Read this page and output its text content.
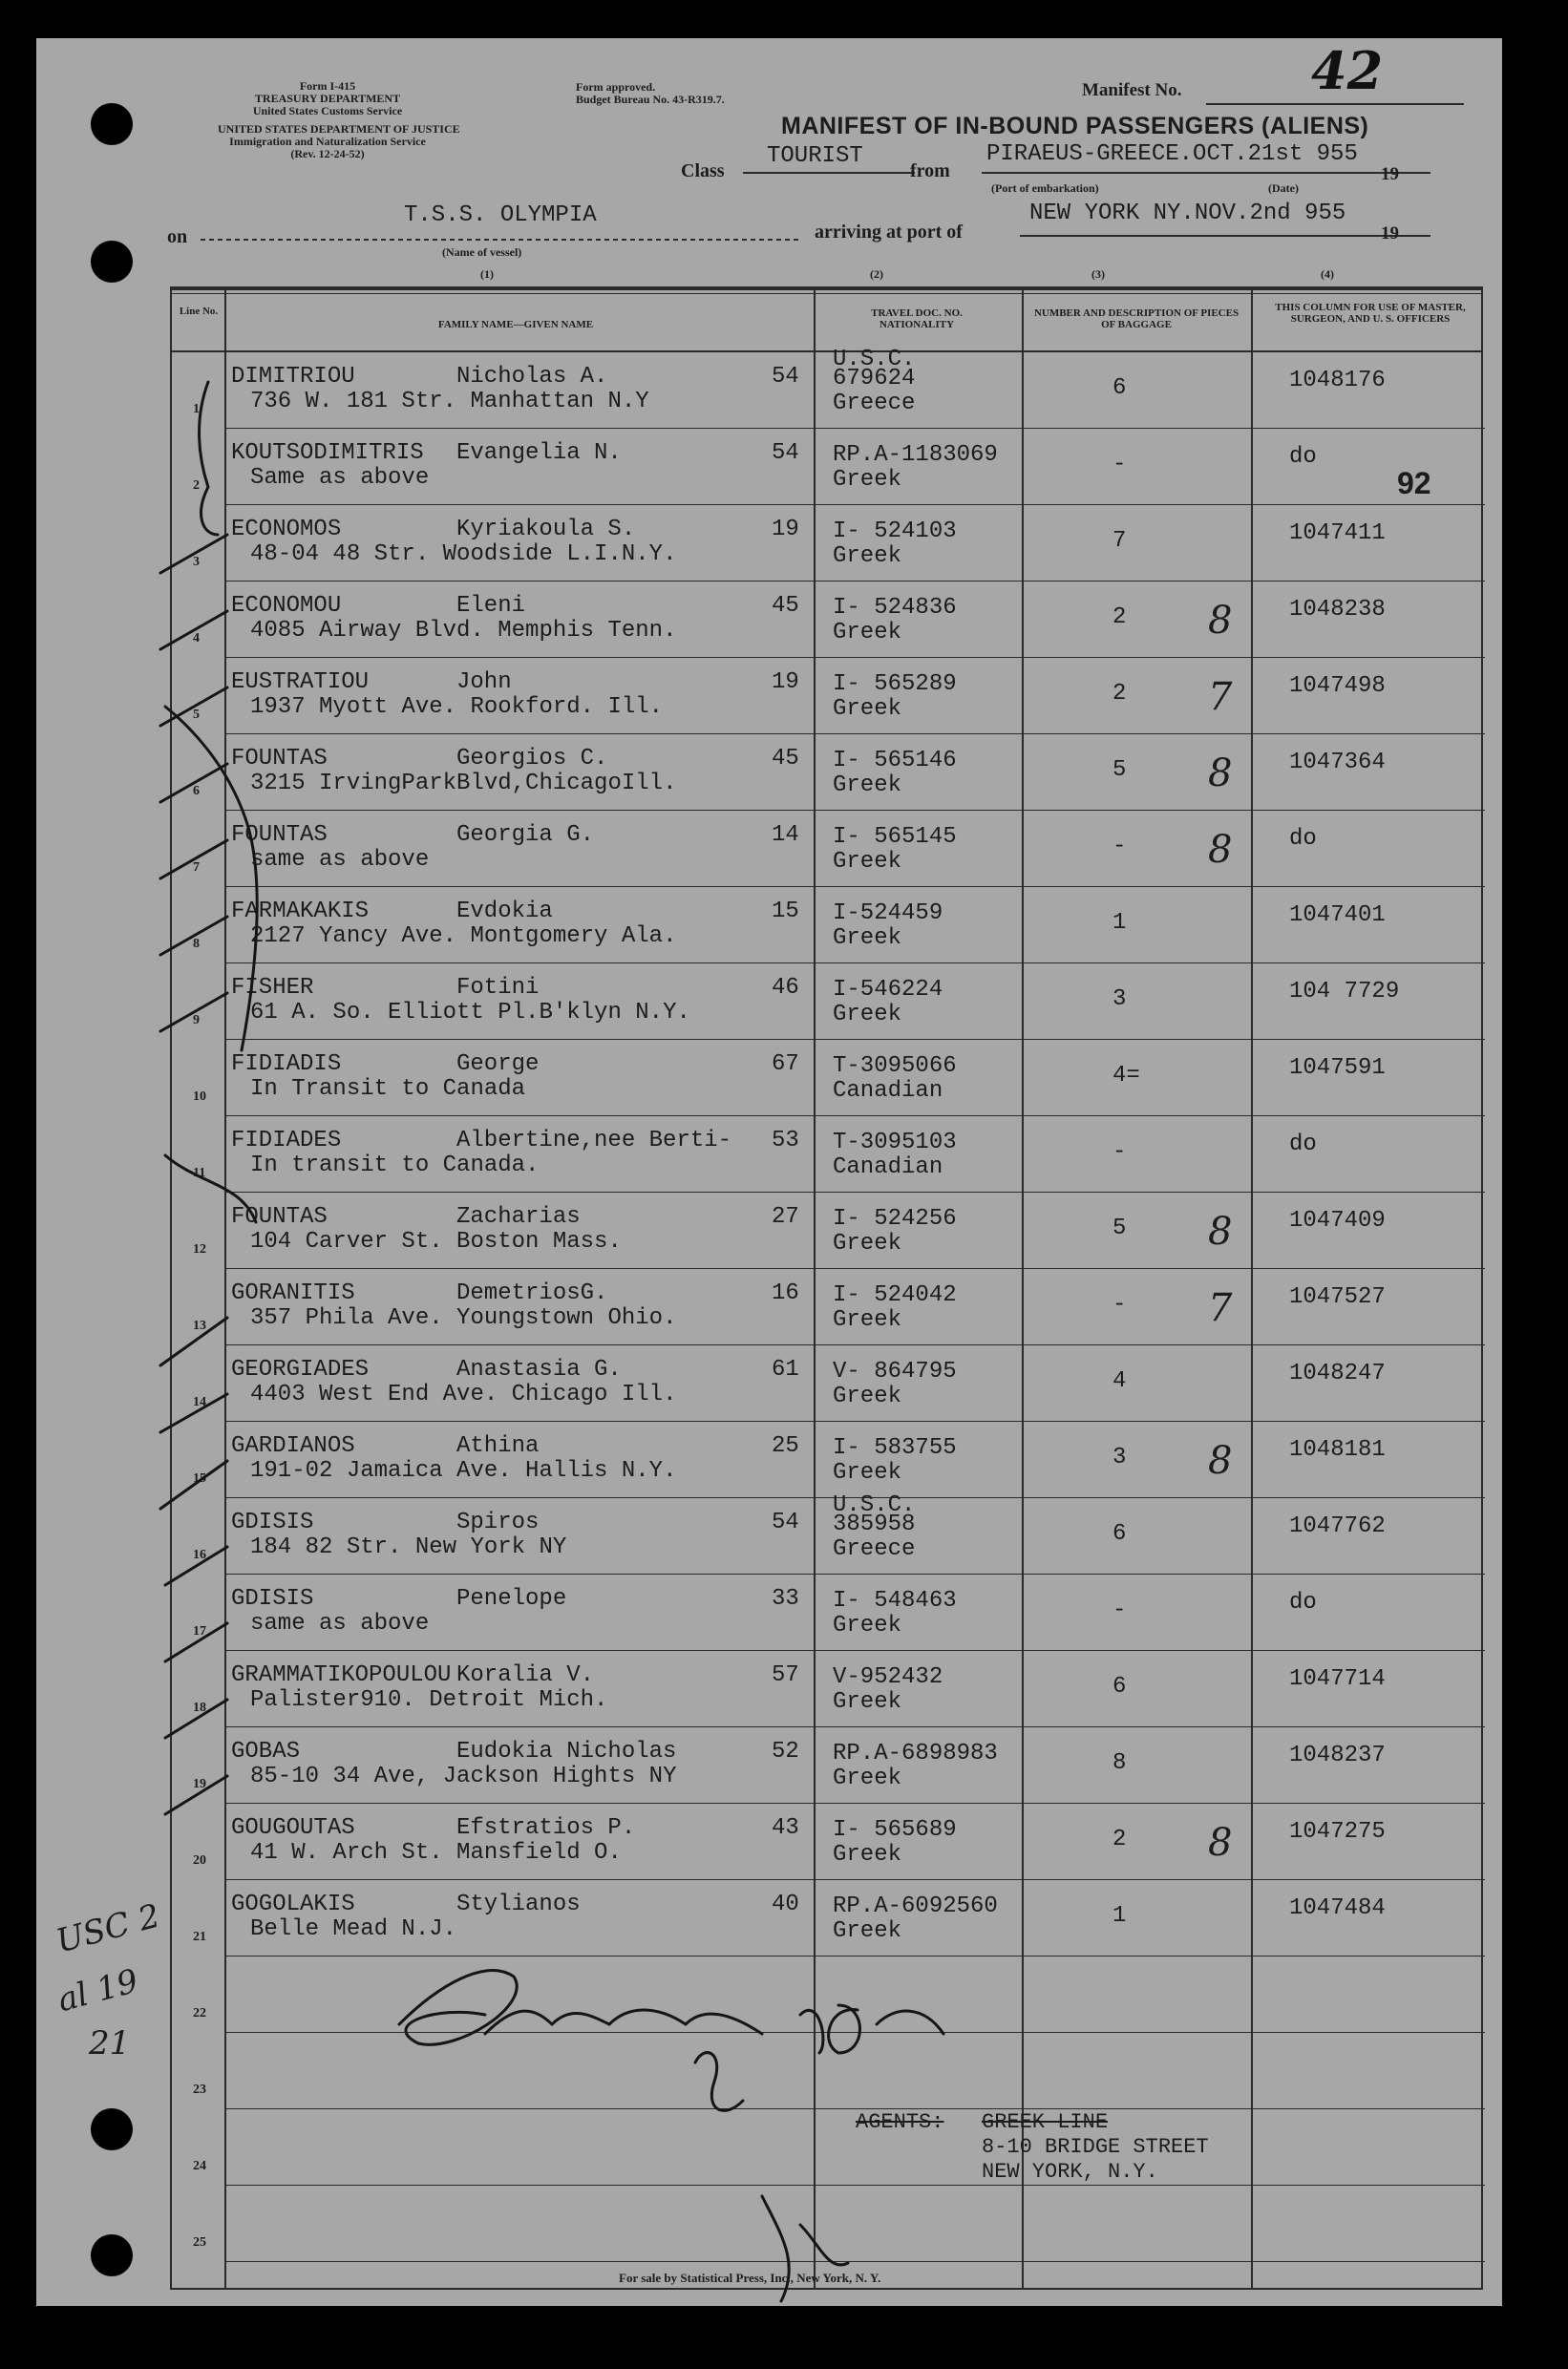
Form I-415
TREASURY DEPARTMENT
United States Customs Service
UNITED STATES DEPARTMENT OF JUSTICE
Immigration and Naturalization Service
(Rev. 12-24-52)
Form approved.
Budget Bureau No. 43-R319.7.	Manifest No.	42
MANIFEST OF IN-BOUND PASSENGERS (ALIENS)
Class
TOURIST
from
PIRAEUS-GREECE.OCT.21st 955
19
(Port of embarkation)	(Date)
on
T.S.S. OLYMPIA
(Name of vessel)
arriving at port of
NEW YORK NY.NOV.2nd 955
19
(1)	(2)	(3)	(4)
Line No.
FAMILY NAME—GIVEN NAME
TRAVEL DOC. NO. NATIONALITY
NUMBER AND DESCRIPTION OF PIECES OF BAGGAGE
THIS COLUMN FOR USE OF MASTER, SURGEON, AND U. S. OFFICERS
1
DIMITRIOU	Nicholas A.	54
736 W. 181 Str. Manhattan N.Y
U.S.C.
679624
Greece
6	1048176
2
KOUTSODIMITRIS Evangelia N.	54
Same as above
RP.A-1183069
Greek
-	do
3
ECONOMOS	Kyriakoula S.	19
48-04 48 Str. Woodside L.I.N.Y.
I- 524103
Greek
7	1047411
4
ECONOMOU	Eleni	45
4085 Airway Blvd. Memphis Tenn.
I- 524836
Greek
2 8 1048238
5
EUSTRATIOU	John	19
1937 Myott Ave. Rookford. Ill.
I- 565289
Greek
2 7 1047498
6
FOUNTAS	Georgios C.	45
3215 IrvingParkBlvd,ChicagoIll.
I- 565146
Greek
5 8 1047364
7
FOUNTAS	Georgia G.	14
same as above
I- 565145
Greek
- 8 do
8
FARMAKAKIS	Evdokia	15
2127 Yancy Ave. Montgomery Ala.
I-524459
Greek
1	1047401
9
FISHER	Fotini	46
61 A. So. Elliott Pl.B'klyn N.Y.
I-546224
Greek
3	104 7729
10
FIDIADIS	George	67
In Transit to Canada
T-3095066
Canadian
4=	1047591
11
FIDIADES	Albertine,nee Berti- 53
In transit to Canada.
T-3095103
Canadian
-	do
12
FOUNTAS	Zacharias	27
104 Carver St. Boston Mass.
I- 524256
Greek
5 8 1047409
13
GORANITIS	DemetriosG.	16
357 Phila Ave. Youngstown Ohio.
I- 524042
Greek
- 7 1047527
14
GEORGIADES	Anastasia G.	61
4403 West End Ave. Chicago Ill.
V- 864795
Greek
4	1048247
15
GARDIANOS	Athina	25
191-02 Jamaica Ave. Hallis N.Y.
I- 583755
Greek
3 8 1048181
16
GDISIS	Spiros	54
184 82 Str. New York NY
U.S.C.
385958
Greece
6	1047762
17
GDISIS	Penelope	33
same as above
I- 548463
Greek
-	do
18
GRAMMATIKOPOULOU Koralia V.	57
Palister910. Detroit Mich.
V-952432
Greek
6	1047714
19
GOBAS	Eudokia Nicholas	52
85-10 34 Ave, Jackson Hights NY
RP.A-6898983
Greek
8	1048237
20
GOUGOUTAS	Efstratios P.	43
41 W. Arch St. Mansfield O.
I- 565689
Greek
2 8 1047275
21
GOGOLAKIS	Stylianos	40
Belle Mead N.J.
RP.A-6092560
Greek
1	1047484
22
23
24
25
92
AGENTS: GREEK LINE
8-10 BRIDGE STREET
NEW YORK, N.Y.
USC 2
al 19
21
For sale by Statistical Press, Inc., New York, N. Y.
